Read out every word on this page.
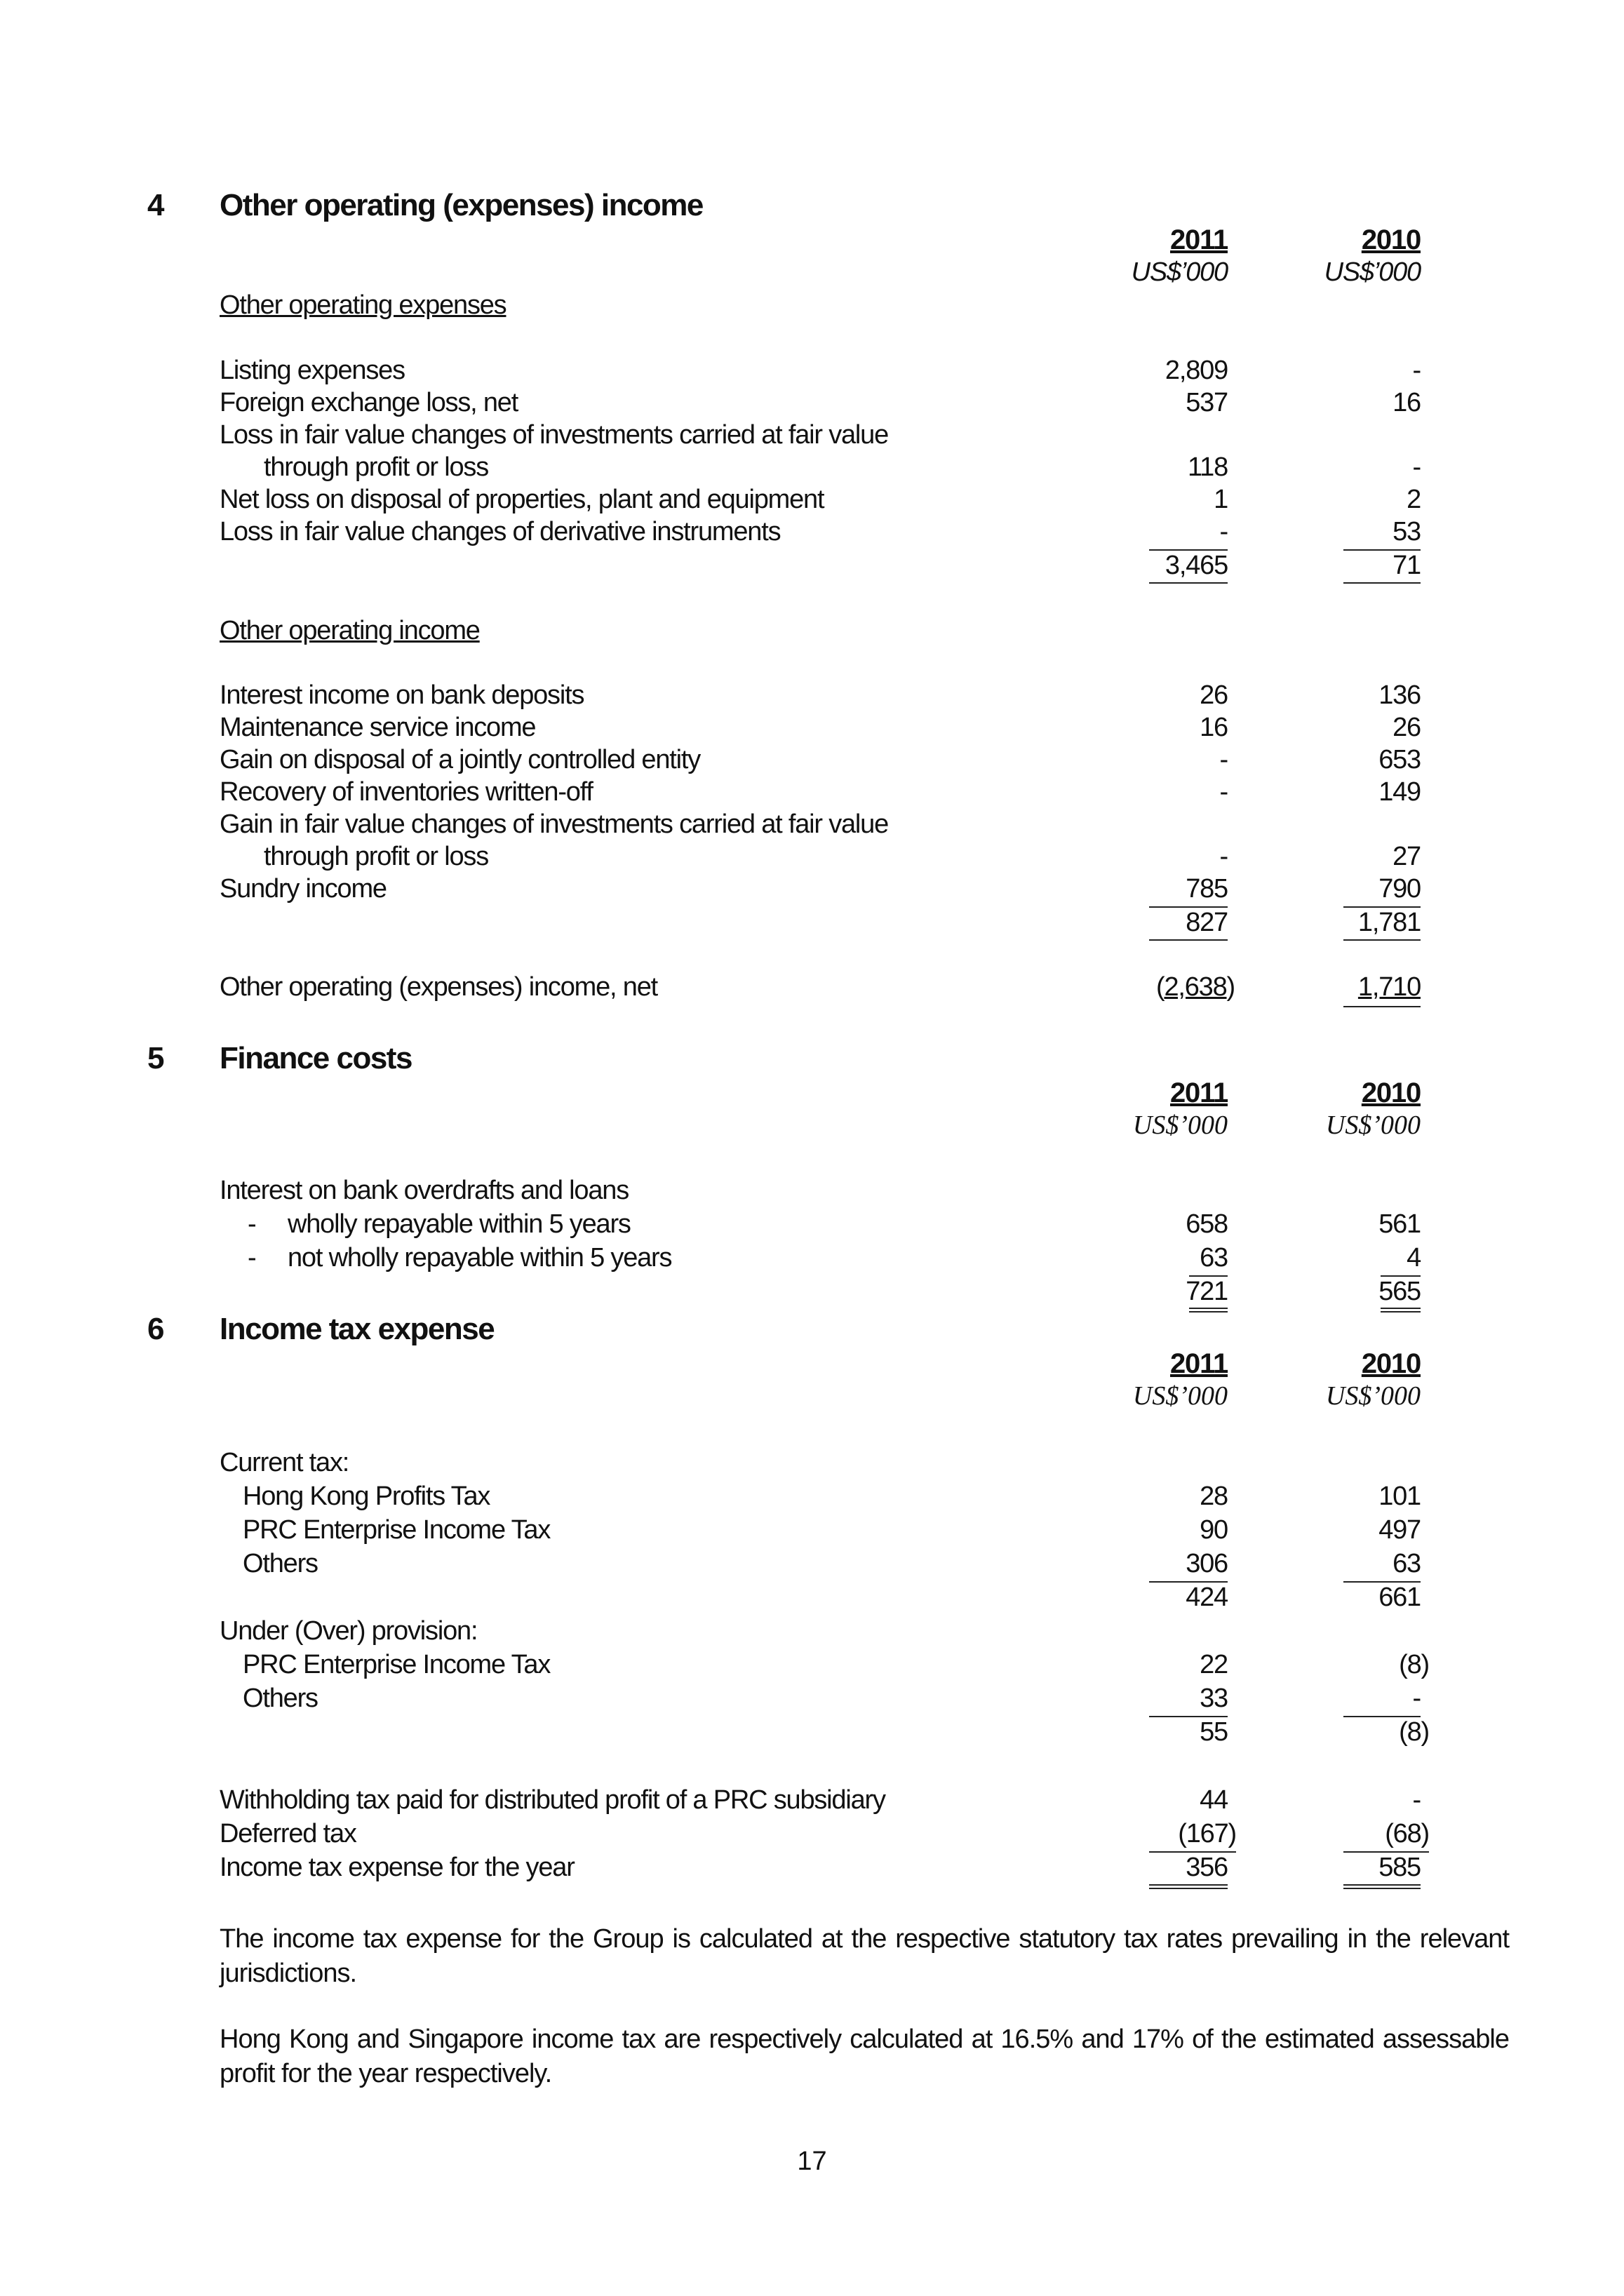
4 Other operating (expenses) income
2011	2010
US$’000	US$’000
Other operating expenses
Listing expenses	2,809	-
Foreign exchange loss, net	537	16
Loss in fair value changes of investments carried at fair value
through profit or loss	118	-
Net loss on disposal of properties, plant and equipment	1	2
Loss in fair value changes of derivative instruments	-	53
3,465	71
Other operating income
Interest income on bank deposits	26	136
Maintenance service income	16	26
Gain on disposal of a jointly controlled entity	-	653
Recovery of inventories written-off	-	149
Gain in fair value changes of investments carried at fair value
through profit or loss	-	27
Sundry income	785	790
827	1,781
Other operating (expenses) income, net	(2,638)	1,710
5 Finance costs
2011	2010
US$’000	US$’000
Interest on bank overdrafts and loans
- wholly repayable within 5 years	658	561
- not wholly repayable within 5 years	63	4
721	565
6 Income tax expense
2011	2010
US$’000	US$’000
Current tax:
Hong Kong Profits Tax	28	101
PRC Enterprise Income Tax	90	497
Others	306	63
424	661
Under (Over) provision:
PRC Enterprise Income Tax	22	(8)
Others	33	-
55	(8)
Withholding tax paid for distributed profit of a PRC subsidiary	44	-
Deferred tax	(167)	(68)
Income tax expense for the year	356	585
The income tax expense for the Group is calculated at the respective statutory tax rates prevailing in the relevant jurisdictions.
Hong Kong and Singapore income tax are respectively calculated at 16.5% and 17% of the estimated assessable profit for the year respectively.
17
